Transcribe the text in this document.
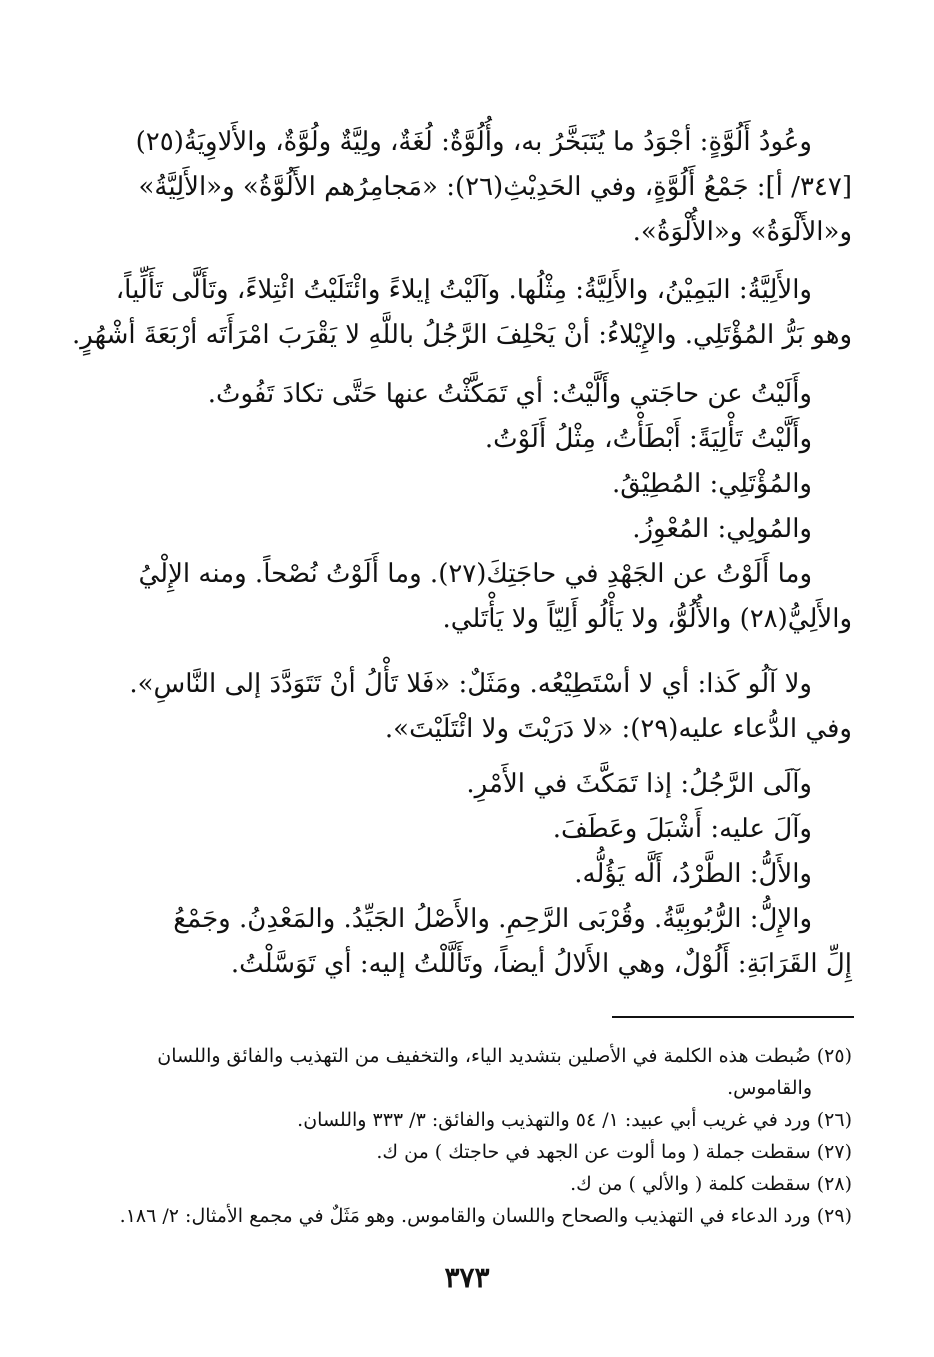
وعُودُ أَلُوَّةٍ: أجْوَدُ ما يُتَبَخَّرُ به، وأُلُوَّةٌ: لُغَةٌ، ولِيَّةٌ ولُوَّةٌ، والأَلاوِيَةُ(٢٥)

[٣٤٧/ أ]: جَمْعُ أَلُوَّةٍ، وفي الحَدِيْثِ(٢٦): «مَجامِرُهم الأَلُوَّةُ» و«الأَلِيَّةُ»

و«الأَلْوَةُ» و«الأُلْوَةُ».

والأَلِيَّةُ: اليَمِيْنُ، والأَلِيَّةُ: مِثْلُها. وآلَيْتُ إيلاءً وائْتَلَيْتُ ائْتِلاءً، وتَأَلَّى تَأَلِّياً،

وهو بَرُّ المُؤْتَلِي. والإِيْلاءُ: أنْ يَحْلِفَ الرَّجُلُ باللَّهِ لا يَقْرَبَ امْرَأَتَه أرْبَعَةَ أشْهُرٍ.

وأَلَيْتُ عن حاجَتي وأَلَّيْتُ: أي تَمَكَّثْتُ عنها حَتَّى تكادَ تَفُوتُ.

وأَلَّيْتُ تَأْلِيَةً: أَبْطَأْتُ، مِثْلُ أَلَوْتُ.

والمُؤْتَلِي: المُطِيْقُ.

والمُولِي: المُعْوِزُ.

وما أَلَوْتُ عن الجَهْدِ في حاجَتِكَ(٢٧). وما أَلَوْتُ نُصْحاً. ومنه الإِلْيُ

والأَلِيُّ(٢٨) والأُلُوُّ، ولا يَأْلُو أَلِيّاً ولا يَأْتَلي.

ولا آلُو كَذا: أي لا أسْتَطِيْعُه. ومَثَلٌ: «فَلا تَأْلُ أنْ تَتَوَدَّدَ إلى النَّاسِ».

وفي الدُّعاء عليه(٢٩): «لا دَرَيْتَ ولا ائْتَلَيْتَ».

وآلَى الرَّجُلُ: إذا تَمَكَّثَ في الأَمْرِ.

وآلَ عليه: أَشْبَلَ وعَطَفَ.

والأَلُّ: الطَّرْدُ، أَلَّه يَؤُلُّه.

والإِلُّ: الرُّبُوبِيَّةُ. وقُرْبَى الرَّحِمِ. والأَصْلُ الجَيِّدُ. والمَعْدِنُ. وجَمْعُ

إِلِّ القَرَابَةِ: أَلُوْلٌ، وهي الأَلالُ أيضاً، وتَأَلَّلْتُ إليه: أي تَوَسَّلْتُ.

(٢٥) ضُبطت هذه الكلمة في الأصلين بتشديد الياء، والتخفيف من التهذيب والفائق واللسان

والقاموس.

(٢٦) ورد في غريب أبي عبيد: ١/ ٥٤ والتهذيب والفائق: ٣/ ٣٣٣ واللسان.

(٢٧) سقطت جملة ( وما ألوت عن الجهد في حاجتك ) من ك.

(٢٨) سقطت كلمة ( والألي ) من ك.

(٢٩) ورد الدعاء في التهذيب والصحاح واللسان والقاموس. وهو مَثَلٌ في مجمع الأمثال: ٢/ ١٨٦.

٣٧٣
